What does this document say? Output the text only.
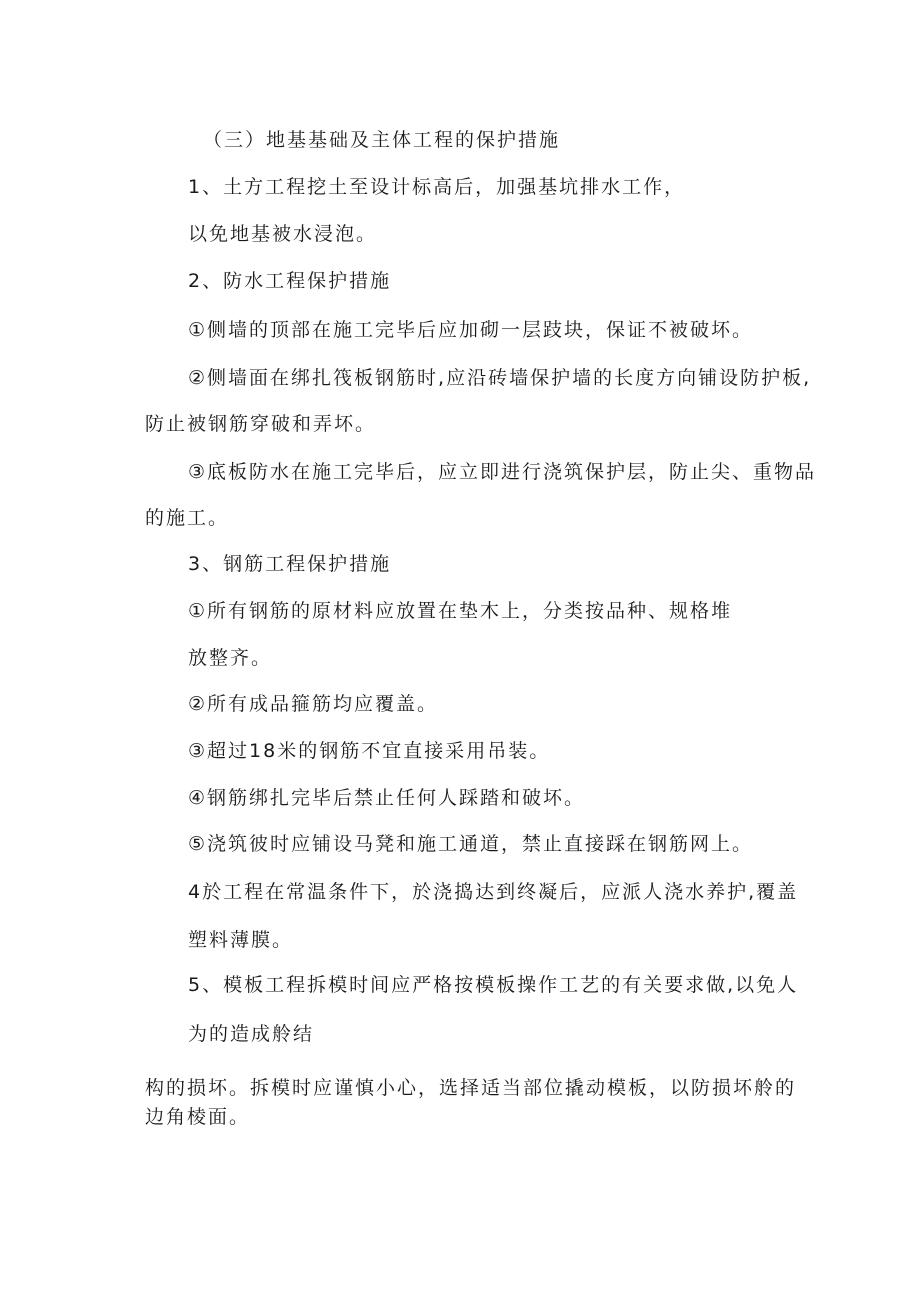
（三）地基基础及主体工程的保护措施
1、土方工程挖土至设计标高后，加强基坑排水工作，
以免地基被水浸泡。
2、防水工程保护措施
①侧墙的顶部在施工完毕后应加砌一层跂块，保证不被破坏。
②侧墙面在绑扎筏板钢筋时,应沿砖墙保护墙的长度方向铺设防护板,
防止被钢筋穿破和弄坏。
③底板防水在施工完毕后，应立即进行浇筑保护层，防止尖、重物品
的施工。
3、钢筋工程保护措施
①所有钢筋的原材料应放置在垫木上，分类按品种、规格堆
放整齐。
②所有成品箍筋均应覆盖。
③超过18米的钢筋不宜直接采用吊装。
④钢筋绑扎完毕后禁止任何人踩踏和破坏。
⑤浇筑彼时应铺设马凳和施工通道，禁止直接踩在钢筋网上。
4於工程在常温条件下，於浇捣达到终凝后，应派人浇水养护,覆盖
塑料薄膜。
5、模板工程拆模时间应严格按模板操作工艺的有关要求做,以免人
为的造成舲结
构的损坏。拆模时应谨慎小心，选择适当部位撬动模板，以防损坏舲的
边角棱面。
